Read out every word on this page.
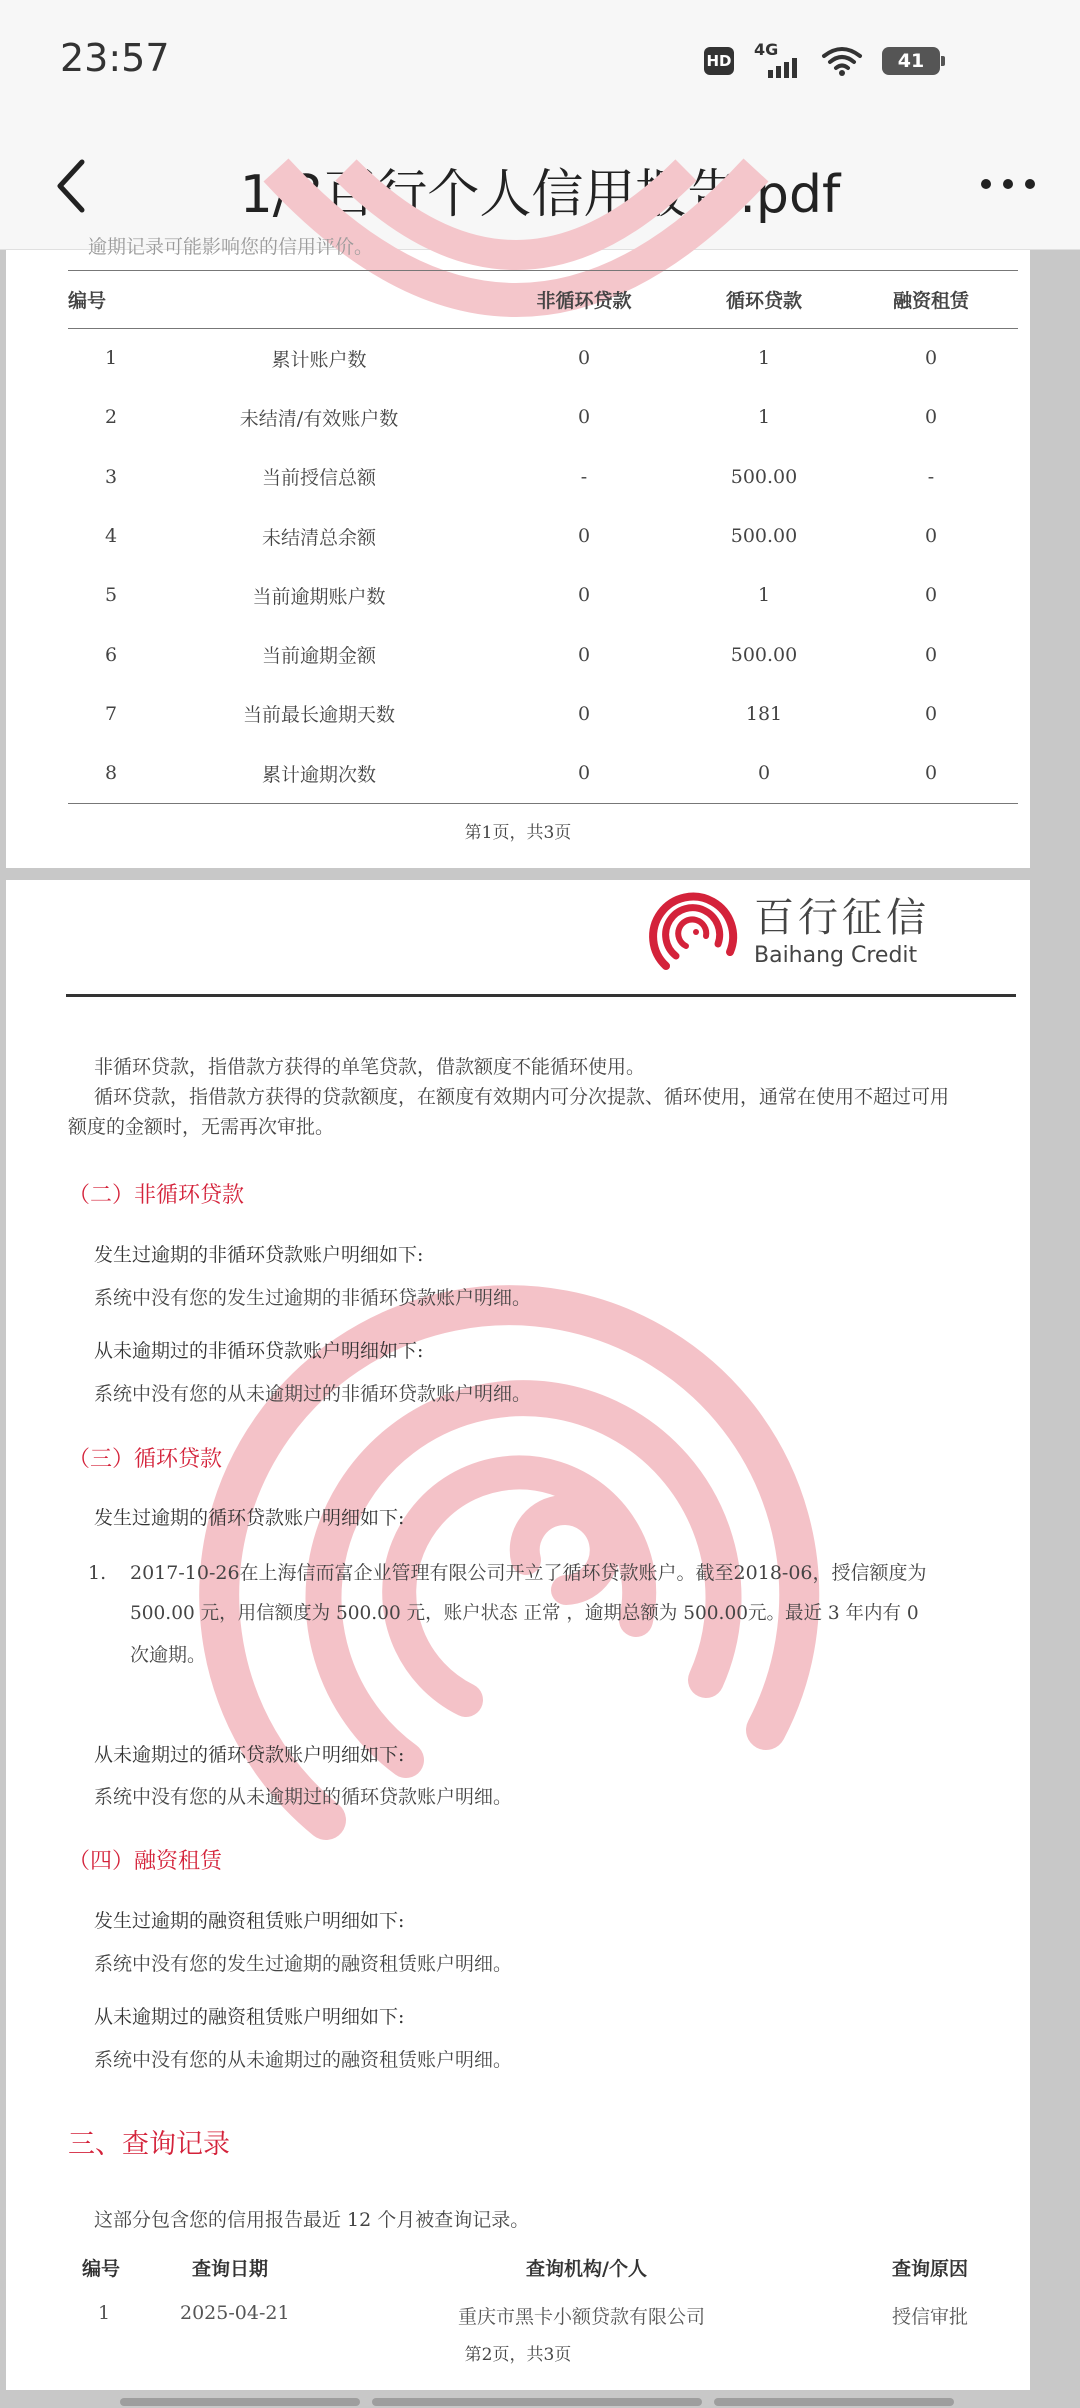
23:57	HD
4G
41
1/3百行个人信用报告.pdf
逾期记录可能影响您的信用评价。
编号		非循环贷款	循环贷款	融资租赁
1	累计账户数	0	1	0
2	未结清/有效账户数	0	1	0
3	当前授信总额	-	500.00	-
4	未结清总余额	0	500.00	0
5	当前逾期账户数	0	1	0
6	当前逾期金额	0	500.00	0
7	当前最长逾期天数	0	181	0
8	累计逾期次数	0	0	0

第1页，共3页
百行征信
Baihang Credit
非循环贷款，指借款方获得的单笔贷款，借款额度不能循环使用。
循环贷款，指借款方获得的贷款额度，在额度有效期内可分次提款、循环使用，通常在使用不超过可用
额度的金额时，无需再次审批。
（二）非循环贷款
发生过逾期的非循环贷款账户明细如下:
系统中没有您的发生过逾期的非循环贷款账户明细。
从未逾期过的非循环贷款账户明细如下:
系统中没有您的从未逾期过的非循环贷款账户明细。
（三）循环贷款
发生过逾期的循环贷款账户明细如下:
1. 2017-10-26在上海信而富企业管理有限公司开立了循环贷款账户。截至2018-06，授信额度为
500.00 元，用信额度为 500.00 元，账户状态 正常 ，逾期总额为 500.00元。最近 3 年内有 0
次逾期。
从未逾期过的循环贷款账户明细如下:
系统中没有您的从未逾期过的循环贷款账户明细。
（四）融资租赁
发生过逾期的融资租赁账户明细如下:
系统中没有您的发生过逾期的融资租赁账户明细。
从未逾期过的融资租赁账户明细如下:
系统中没有您的从未逾期过的融资租赁账户明细。
三、查询记录
这部分包含您的信用报告最近 12 个月被查询记录。
编号	查询日期	查询机构/个人	查询原因
1	2025-04-21	重庆市黑卡小额贷款有限公司	授信审批
第2页，共3页
